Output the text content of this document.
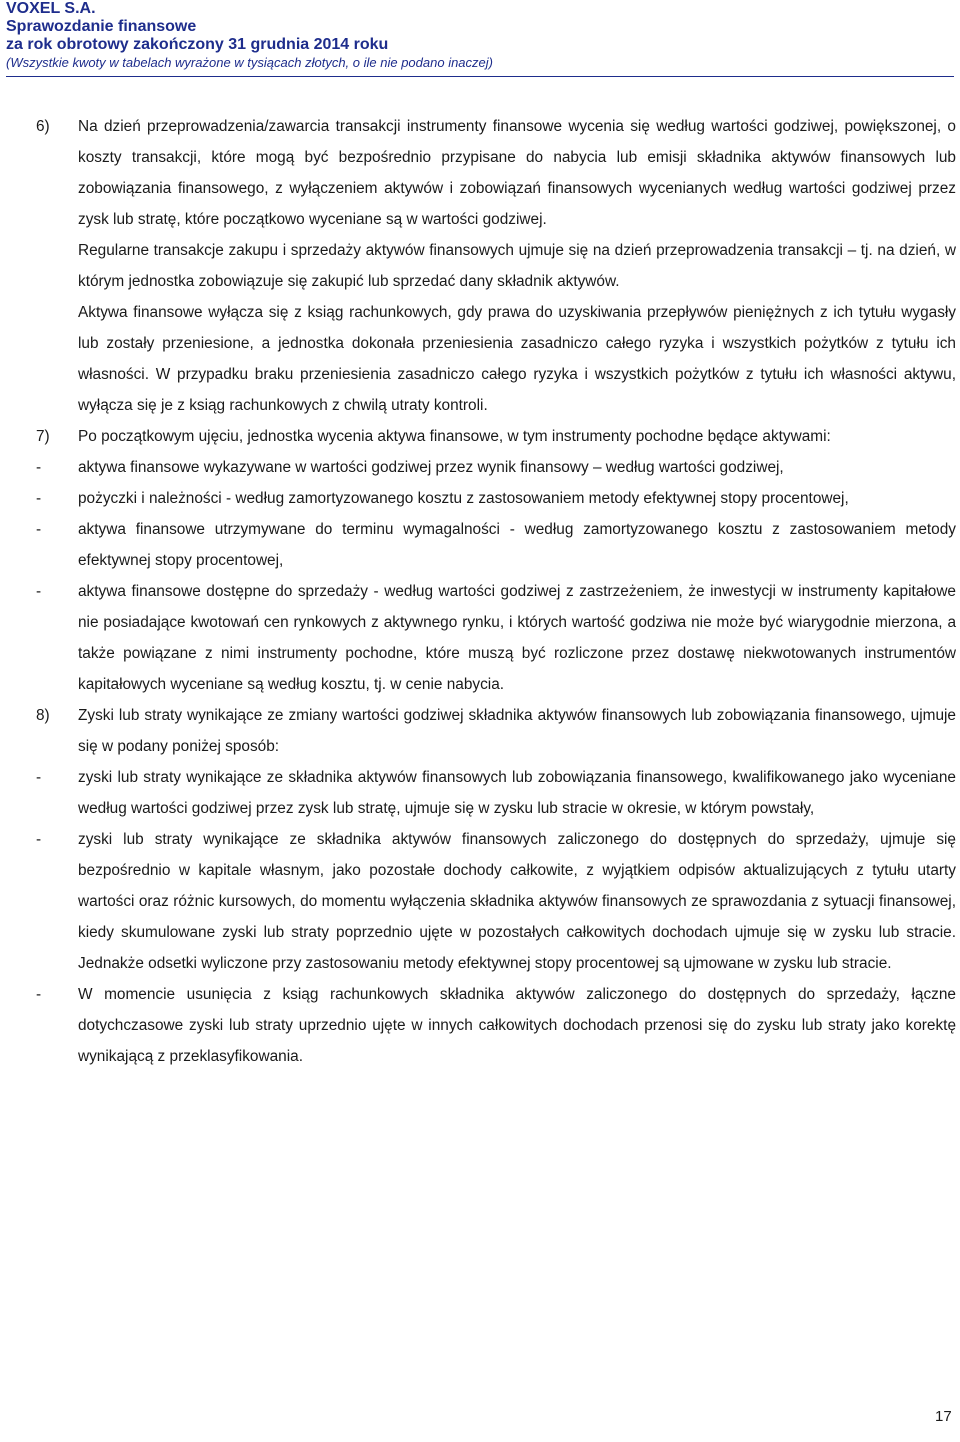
VOXEL S.A.
Sprawozdanie finansowe
za rok obrotowy zakończony 31 grudnia 2014 roku
(Wszystkie kwoty w tabelach wyrażone w tysiącach złotych, o ile nie podano inaczej)
6)	Na dzień przeprowadzenia/zawarcia transakcji instrumenty finansowe wycenia się według wartości godziwej, powiększonej, o koszty transakcji, które mogą być bezpośrednio przypisane do nabycia lub emisji składnika aktywów finansowych lub zobowiązania finansowego, z wyłączeniem aktywów i zobowiązań finansowych wycenianych według wartości godziwej przez zysk lub stratę, które początkowo wyceniane są w wartości godziwej.
Regularne transakcje zakupu i sprzedaży aktywów finansowych ujmuje się na dzień przeprowadzenia transakcji – tj. na dzień, w którym jednostka zobowiązuje się zakupić lub sprzedać dany składnik aktywów.
Aktywa finansowe wyłącza się z ksiąg rachunkowych, gdy prawa do uzyskiwania przepływów pieniężnych z ich tytułu wygasły lub zostały przeniesione, a jednostka dokonała przeniesienia zasadniczo całego ryzyka i wszystkich pożytków z tytułu ich własności. W przypadku braku przeniesienia zasadniczo całego ryzyka i wszystkich pożytków z tytułu ich własności aktywu, wyłącza się je z ksiąg rachunkowych z chwilą utraty kontroli.
7)	Po początkowym ujęciu, jednostka wycenia aktywa finansowe, w tym instrumenty pochodne będące aktywami:
-	aktywa finansowe wykazywane w wartości godziwej przez wynik finansowy – według wartości godziwej,
-	pożyczki i należności - według zamortyzowanego kosztu z zastosowaniem metody efektywnej stopy procentowej,
-	aktywa finansowe utrzymywane do terminu wymagalności - według zamortyzowanego kosztu z zastosowaniem metody efektywnej stopy procentowej,
-	aktywa finansowe dostępne do sprzedaży - według wartości godziwej z zastrzeżeniem, że inwestycji w instrumenty kapitałowe nie posiadające kwotowań cen rynkowych z aktywnego rynku, i których wartość godziwa nie może być wiarygodnie mierzona, a także powiązane z nimi instrumenty pochodne, które muszą być rozliczone przez dostawę niekwotowanych instrumentów kapitałowych wyceniane są według kosztu, tj. w cenie nabycia.
8)	Zyski lub straty wynikające ze zmiany wartości godziwej składnika aktywów finansowych lub zobowiązania finansowego, ujmuje się w podany poniżej sposób:
-	zyski lub straty wynikające ze składnika aktywów finansowych lub zobowiązania finansowego, kwalifikowanego jako wyceniane według wartości godziwej przez zysk lub stratę, ujmuje się w zysku lub stracie w okresie, w którym powstały,
-	zyski lub straty wynikające ze składnika aktywów finansowych zaliczonego do dostępnych do sprzedaży, ujmuje się bezpośrednio w kapitale własnym, jako pozostałe dochody całkowite, z wyjątkiem odpisów aktualizujących z tytułu utarty wartości oraz różnic kursowych, do momentu wyłączenia składnika aktywów finansowych ze sprawozdania z sytuacji finansowej, kiedy skumulowane zyski lub straty poprzednio ujęte w pozostałych całkowitych dochodach ujmuje się w zysku lub stracie. Jednakże odsetki wyliczone przy zastosowaniu metody efektywnej stopy procentowej są ujmowane w zysku lub stracie.
-	W momencie usunięcia z ksiąg rachunkowych składnika aktywów zaliczonego do dostępnych do sprzedaży, łączne dotychczasowe zyski lub straty uprzednio ujęte w innych całkowitych dochodach przenosi się do zysku lub straty jako korektę wynikającą z przeklasyfikowania.
17
